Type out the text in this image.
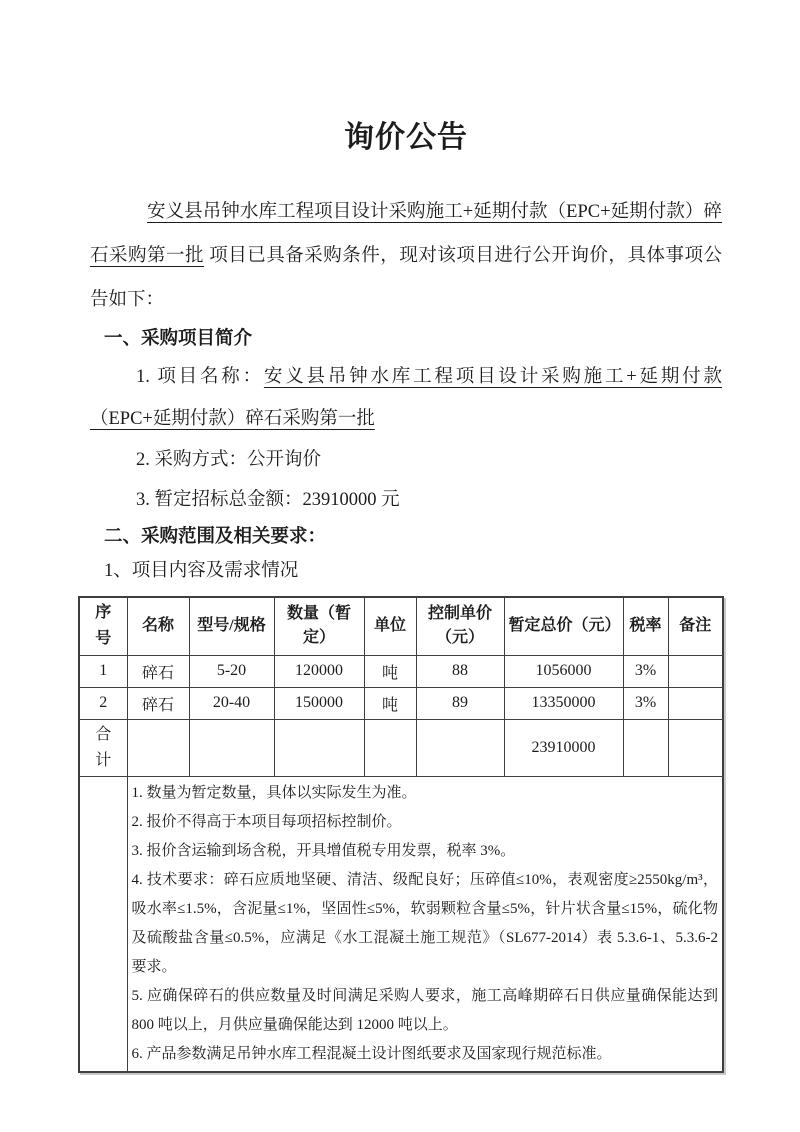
询价公告

安义县吊钟水库工程项目设计采购施工+延期付款（EPC+延期付款）碎石采购第一批 项目已具备采购条件，现对该项目进行公开询价，具体事项公告如下：

一、采购项目简介

1. 项目名称：安义县吊钟水库工程项目设计采购施工+延期付款（EPC+延期付款）碎石采购第一批

2. 采购方式：公开询价

3. 暂定招标总金额：23910000 元

二、采购范围及相关要求：

1、项目内容及需求情况

序号	名称	型号/规格	数量（暂定）	单位	控制单价（元）	暂定总价（元）	税率	备注
1	碎石	5-20	120000	吨	88	1056000	3%	
2	碎石	20-40	150000	吨	89	13350000	3%	
合计						23910000		

1. 数量为暂定数量，具体以实际发生为准。

2. 报价不得高于本项目每项招标控制价。

3. 报价含运输到场含税，开具增值税专用发票，税率 3%。

4. 技术要求：碎石应质地坚硬、清洁、级配良好；压碎值≤10%，表观密度≥2550kg/m³，吸水率≤1.5%，含泥量≤1%，坚固性≤5%，软弱颗粒含量≤5%，针片状含量≤15%，硫化物及硫酸盐含量≤0.5%，应满足《水工混凝土施工规范》（SL677-2014）表 5.3.6-1、5.3.6-2 要求。

5. 应确保碎石的供应数量及时间满足采购人要求，施工高峰期碎石日供应量确保能达到 800 吨以上，月供应量确保能达到 12000 吨以上。

6. 产品参数满足吊钟水库工程混凝土设计图纸要求及国家现行规范标准。
